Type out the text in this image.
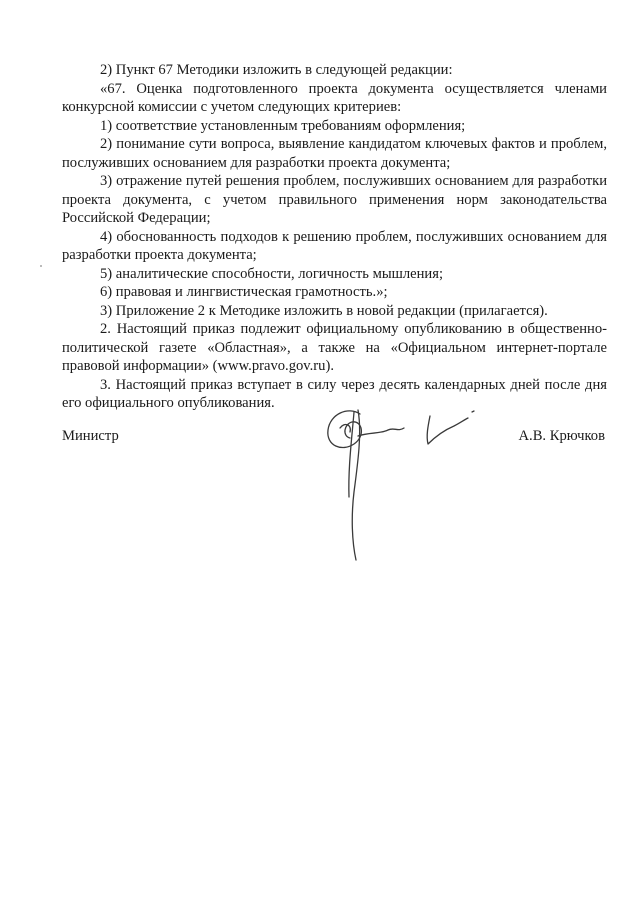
2) Пункт 67 Методики изложить в следующей редакции:

«67. Оценка подготовленного проекта документа осуществляется членами конкурсной комиссии с учетом следующих критериев:

1) соответствие установленным требованиям оформления;

2) понимание сути вопроса, выявление кандидатом ключевых фактов и проблем, послуживших основанием для разработки проекта документа;

3) отражение путей решения проблем, послуживших основанием для разработки проекта документа, с учетом правильного применения норм законодательства Российской Федерации;

4) обоснованность подходов к решению проблем, послуживших основанием для разработки проекта документа;

5) аналитические способности, логичность мышления;

6) правовая и лингвистическая грамотность.»;

3) Приложение 2 к Методике изложить в новой редакции (прилагается).

2. Настоящий приказ подлежит официальному опубликованию в общественно-политической газете «Областная», а также на «Официальном интернет-портале правовой информации» (www.pravo.gov.ru).

3. Настоящий приказ вступает в силу через десять календарных дней после дня его официального опубликования.

Министр	А.В. Крючков
